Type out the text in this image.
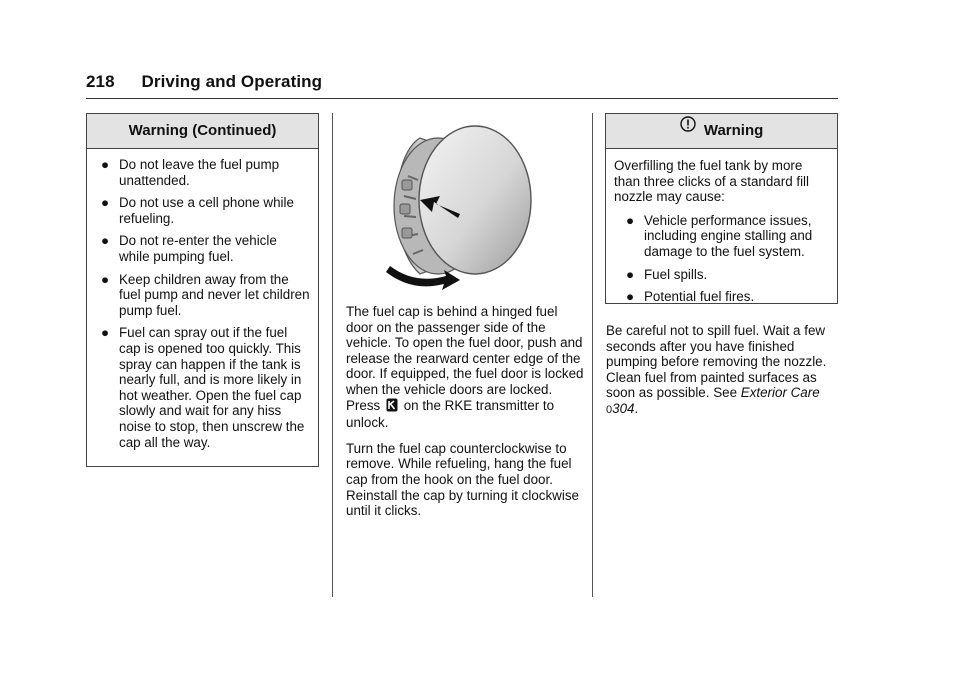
218 Driving and Operating
Warning (Continued)
● Do not leave the fuel pump unattended.
● Do not use a cell phone while refueling.
● Do not re-enter the vehicle while pumping fuel.
● Keep children away from the fuel pump and never let children pump fuel.
● Fuel can spray out if the fuel cap is opened too quickly. This spray can happen if the tank is nearly full, and is more likely in hot weather. Open the fuel cap slowly and wait for any hiss noise to stop, then unscrew the cap all the way.

The fuel cap is behind a hinged fuel door on the passenger side of the vehicle. To open the fuel door, push and release the rearward center edge of the door. If equipped, the fuel door is locked when the vehicle doors are locked. Press on the RKE transmitter to unlock.

Turn the fuel cap counterclockwise to remove. While refueling, hang the fuel cap from the hook on the fuel door. Reinstall the cap by turning it clockwise until it clicks.

Warning

Overfilling the fuel tank by more than three clicks of a standard fill nozzle may cause:

● Vehicle performance issues, including engine stalling and damage to the fuel system.
● Fuel spills.
● Potential fuel fires.

Be careful not to spill fuel. Wait a few seconds after you have finished pumping before removing the nozzle. Clean fuel from painted surfaces as soon as possible. See Exterior Care 0304.
